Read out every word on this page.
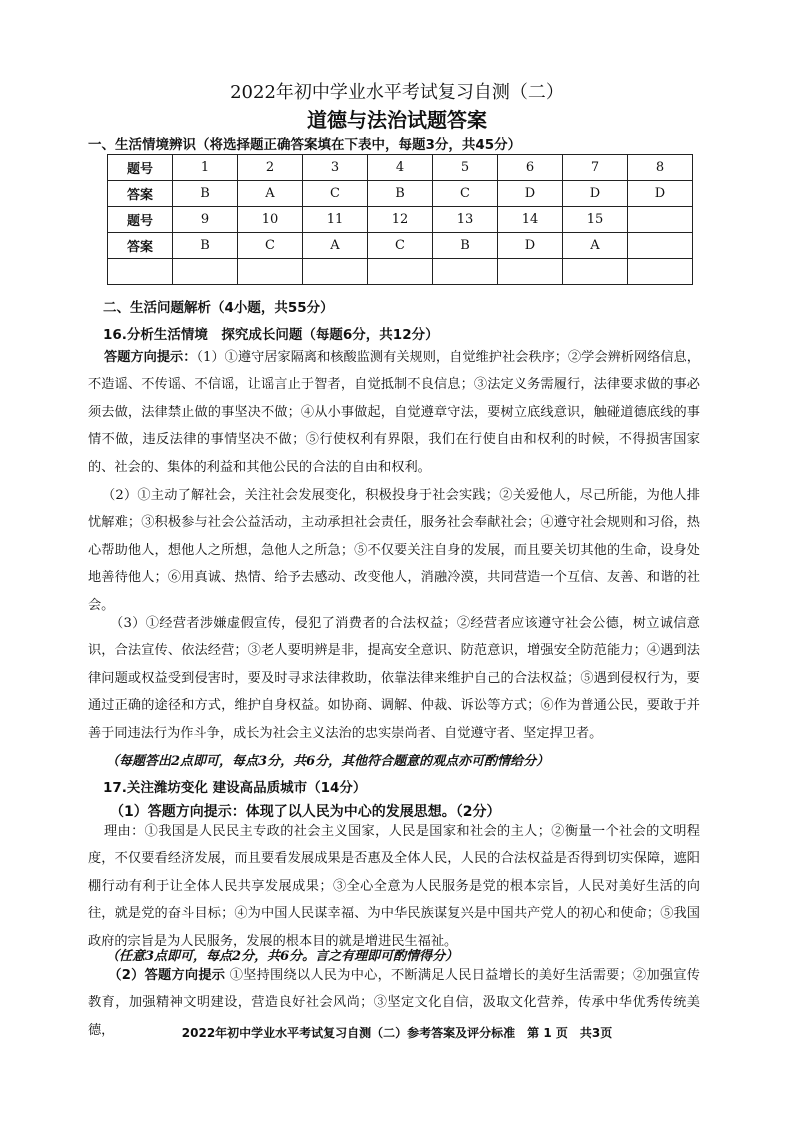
2022年初中学业水平考试复习自测（二）
道德与法治试题答案
一、生活情境辨识（将选择题正确答案填在下表中，每题3分，共45分）
题号	1	2	3	4	5	6	7	8
答案	B	A	C	B	C	D	D	D
题号	9	10	11	12	13	14	15	
答案	B	C	A	C	B	D	A	

二、生活问题解析（4小题，共55分）
16.分析生活情境　探究成长问题（每题6分，共12分）
答题方向提示：（1）①遵守居家隔离和核酸监测有关规则，自觉维护社会秩序；②学会辨析网络信息，不造谣、不传谣、不信谣，让谣言止于智者，自觉抵制不良信息；③法定义务需履行，法律要求做的事必须去做，法律禁止做的事坚决不做；④从小事做起，自觉遵章守法，要树立底线意识，触碰道德底线的事情不做，违反法律的事情坚决不做；⑤行使权利有界限，我们在行使自由和权利的时候，不得损害国家的、社会的、集体的利益和其他公民的合法的自由和权利。
（2）①主动了解社会，关注社会发展变化，积极投身于社会实践；②关爱他人，尽己所能，为他人排忧解难；③积极参与社会公益活动，主动承担社会责任，服务社会奉献社会；④遵守社会规则和习俗，热心帮助他人，想他人之所想，急他人之所急；⑤不仅要关注自身的发展，而且要关切其他的生命，设身处地善待他人；⑥用真诚、热情、给予去感动、改变他人，消融冷漠，共同营造一个互信、友善、和谐的社会。
（3）①经营者涉嫌虚假宣传，侵犯了消费者的合法权益；②经营者应该遵守社会公德，树立诚信意识，合法宣传、依法经营；③老人要明辨是非，提高安全意识、防范意识，增强安全防范能力；④遇到法律问题或权益受到侵害时，要及时寻求法律救助，依靠法律来维护自己的合法权益；⑤遇到侵权行为，要通过正确的途径和方式，维护自身权益。如协商、调解、仲裁、诉讼等方式；⑥作为普通公民，要敢于并善于同违法行为作斗争，成长为社会主义法治的忠实崇尚者、自觉遵守者、坚定捍卫者。
（每题答出2点即可，每点3分，共6分，其他符合题意的观点亦可酌情给分）
17.关注潍坊变化 建设高品质城市（14分）
（1）答题方向提示：体现了以人民为中心的发展思想。（2分）
理由：①我国是人民民主专政的社会主义国家，人民是国家和社会的主人；②衡量一个社会的文明程度，不仅要看经济发展，而且要看发展成果是否惠及全体人民，人民的合法权益是否得到切实保障，遮阳棚行动有利于让全体人民共享发展成果；③全心全意为人民服务是党的根本宗旨，人民对美好生活的向往，就是党的奋斗目标；④为中国人民谋幸福、为中华民族谋复兴是中国共产党人的初心和使命；⑤我国政府的宗旨是为人民服务，发展的根本目的就是增进民生福祉。
（任意3点即可，每点2分，共6分。言之有理即可酌情得分）
（2）答题方向提示 ①坚持围绕以人民为中心，不断满足人民日益增长的美好生活需要；②加强宣传教育，加强精神文明建设，营造良好社会风尚；③坚定文化自信，汲取文化营养，传承中华优秀传统美德，	2022年初中学业水平考试复习自测（二）参考答案及评分标准　第 1 页　共3页
